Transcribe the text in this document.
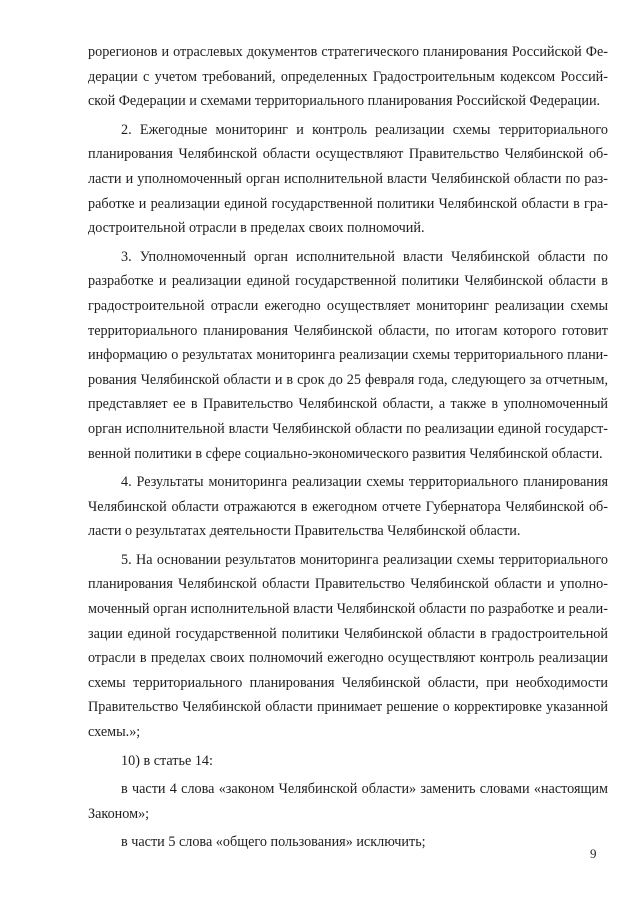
рорегионов и отраслевых документов стратегического планирования Российской Фе-
дерации с учетом требований, определенных Градостроительным кодексом Россий-
ской Федерации и схемами территориального планирования Российской Федерации.

2. Ежегодные мониторинг и контроль реализации схемы территориального
планирования Челябинской области осуществляют Правительство Челябинской об-
ласти и уполномоченный орган исполнительной власти Челябинской области по раз-
работке и реализации единой государственной политики Челябинской области в гра-
достроительной отрасли в пределах своих полномочий.

3. Уполномоченный орган исполнительной власти Челябинской области по
разработке и реализации единой государственной политики Челябинской области в
градостроительной отрасли ежегодно осуществляет мониторинг реализации схемы
территориального планирования Челябинской области, по итогам которого готовит
информацию о результатах мониторинга реализации схемы территориального плани-
рования Челябинской области и в срок до 25 февраля года, следующего за отчетным,
представляет ее в Правительство Челябинской области, а также в уполномоченный
орган исполнительной власти Челябинской области по реализации единой государст-
венной политики в сфере социально-экономического развития Челябинской области.

4. Результаты мониторинга реализации схемы территориального планирования
Челябинской области отражаются в ежегодном отчете Губернатора Челябинской об-
ласти о результатах деятельности Правительства Челябинской области.

5. На основании результатов мониторинга реализации схемы территориального
планирования Челябинской области Правительство Челябинской области и уполно-
моченный орган исполнительной власти Челябинской области по разработке и реали-
зации единой государственной политики Челябинской области в градостроительной
отрасли в пределах своих полномочий ежегодно осуществляют контроль реализации
схемы территориального планирования Челябинской области, при необходимости
Правительство Челябинской области принимает решение о корректировке указанной
схемы.»;

10) в статье 14:

в части 4 слова «законом Челябинской области» заменить словами «настоящим
Законом»;

в части 5 слова «общего пользования» исключить;

9
